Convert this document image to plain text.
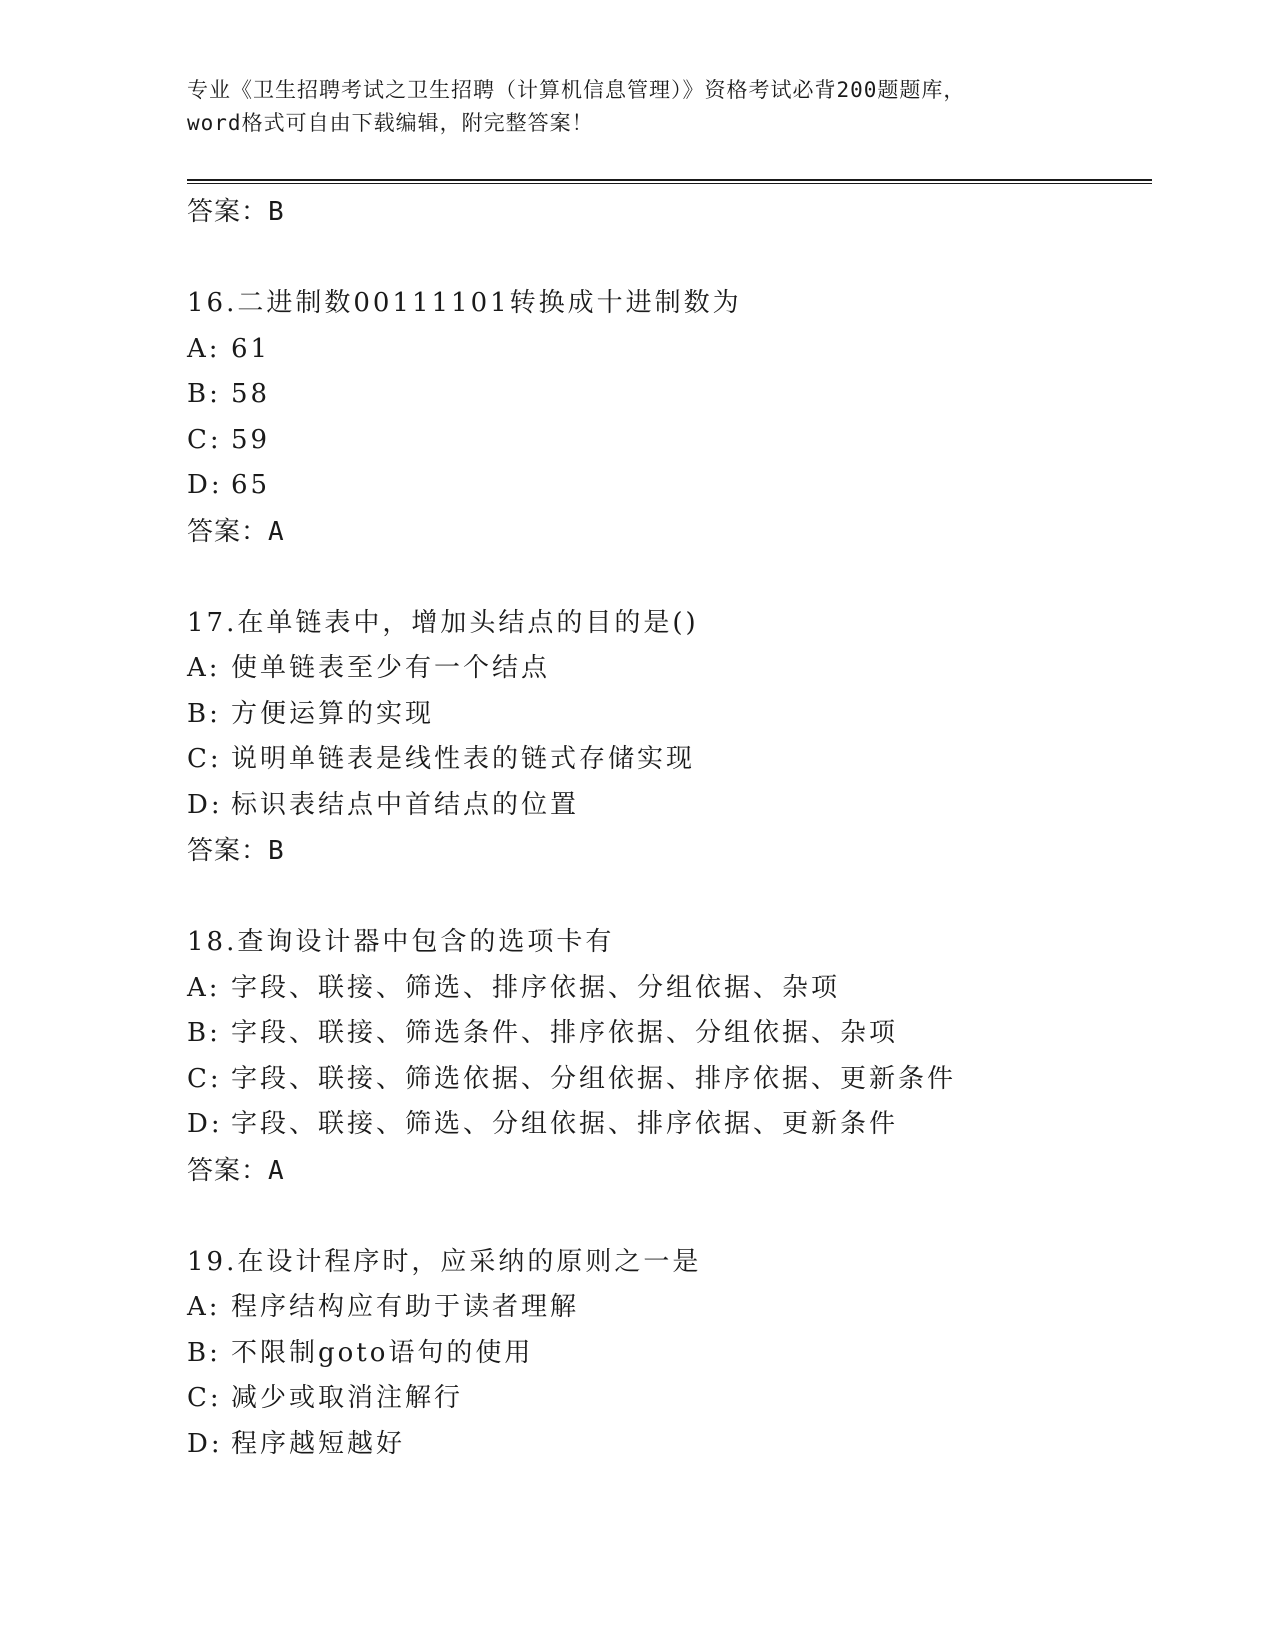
专业《卫生招聘考试之卫生招聘（计算机信息管理）》资格考试必背200题题库，
word格式可自由下载编辑，附完整答案！
答案：B
16.二进制数00111101转换成十进制数为
A: 61
B: 58
C: 59
D: 65
答案：A
17.在单链表中，增加头结点的目的是()
A: 使单链表至少有一个结点
B: 方便运算的实现
C: 说明单链表是线性表的链式存储实现
D: 标识表结点中首结点的位置
答案：B
18.查询设计器中包含的选项卡有
A: 字段、联接、筛选、排序依据、分组依据、杂项
B: 字段、联接、筛选条件、排序依据、分组依据、杂项
C: 字段、联接、筛选依据、分组依据、排序依据、更新条件
D: 字段、联接、筛选、分组依据、排序依据、更新条件
答案：A
19.在设计程序时，应采纳的原则之一是
A: 程序结构应有助于读者理解
B: 不限制goto语句的使用
C: 减少或取消注解行
D: 程序越短越好
